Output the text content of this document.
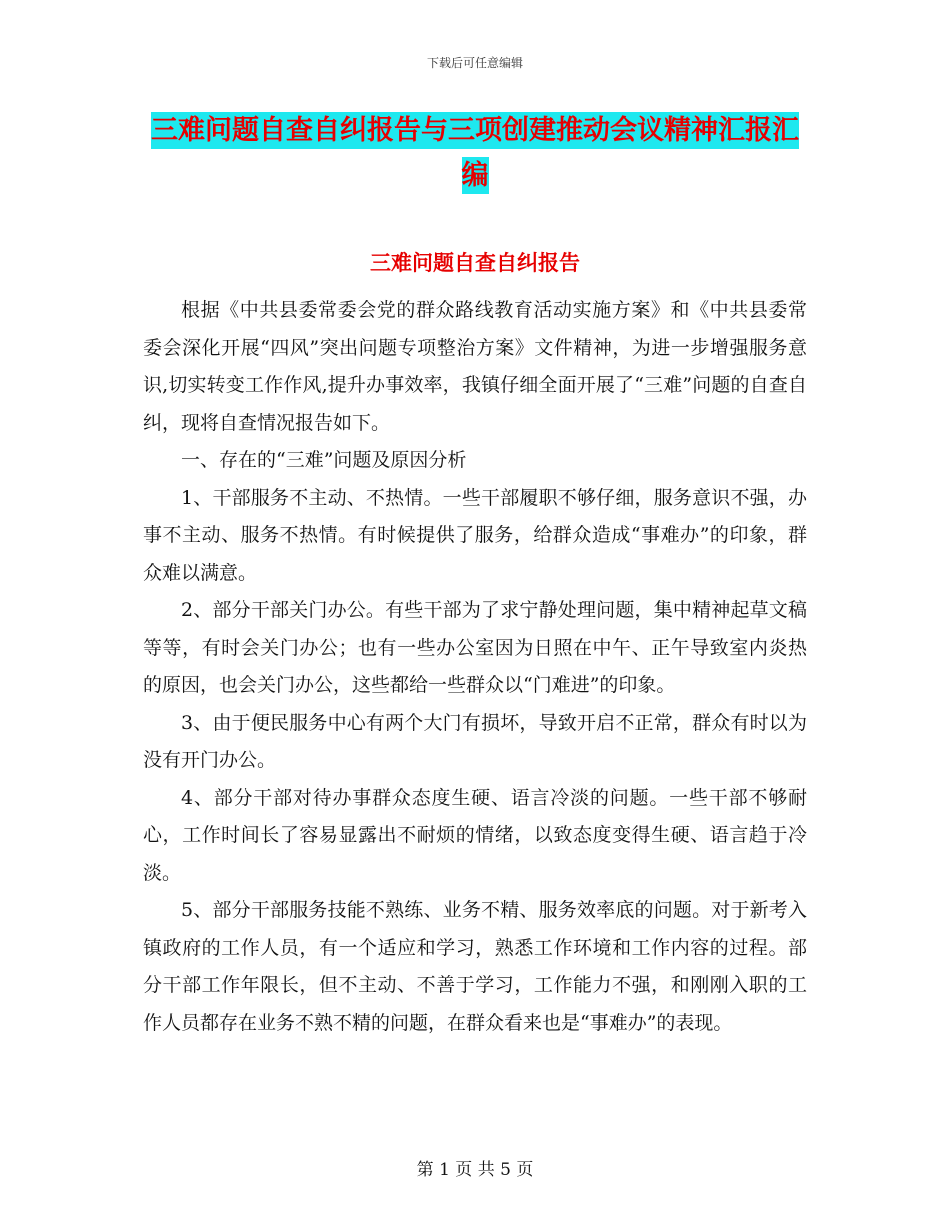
下载后可任意编辑
三难问题自查自纠报告与三项创建推动会议精神汇报汇编
三难问题自查自纠报告

根据《中共县委常委会党的群众路线教育活动实施方案》和《中共县委常委会深化开展“四风”突出问题专项整治方案》文件精神，为进一步增强服务意识,切实转变工作作风,提升办事效率，我镇仔细全面开展了“三难”问题的自查自纠，现将自查情况报告如下。

一、存在的“三难”问题及原因分析

1、干部服务不主动、不热情。一些干部履职不够仔细，服务意识不强，办事不主动、服务不热情。有时候提供了服务，给群众造成“事难办”的印象，群众难以满意。

2、部分干部关门办公。有些干部为了求宁静处理问题，集中精神起草文稿等等，有时会关门办公；也有一些办公室因为日照在中午、正午导致室内炎热的原因，也会关门办公，这些都给一些群众以“门难进”的印象。

3、由于便民服务中心有两个大门有损坏，导致开启不正常，群众有时以为没有开门办公。

4、部分干部对待办事群众态度生硬、语言冷淡的问题。一些干部不够耐心，工作时间长了容易显露出不耐烦的情绪，以致态度变得生硬、语言趋于冷淡。

5、部分干部服务技能不熟练、业务不精、服务效率底的问题。对于新考入镇政府的工作人员，有一个适应和学习，熟悉工作环境和工作内容的过程。部分干部工作年限长，但不主动、不善于学习，工作能力不强，和刚刚入职的工作人员都存在业务不熟不精的问题，在群众看来也是“事难办”的表现。

第 1 页 共 5 页
